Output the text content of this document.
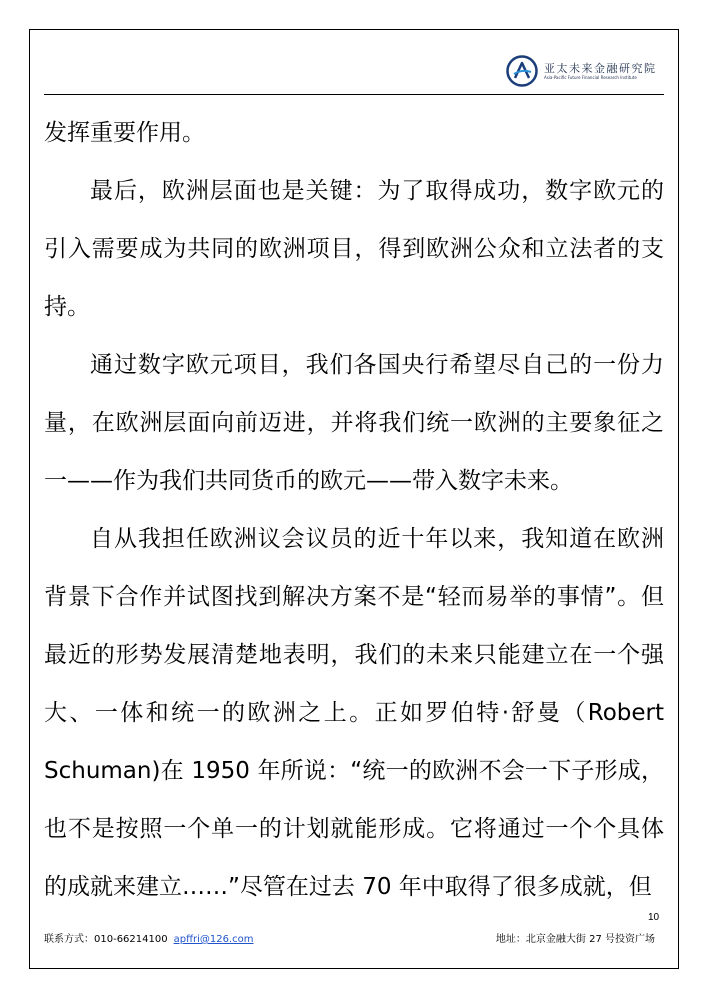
亚太未来金融研究院
Asia-Pacific Future Financial Research Institute

发挥重要作用。

最后，欧洲层面也是关键：为了取得成功，数字欧元的引入需要成为共同的欧洲项目，得到欧洲公众和立法者的支持。

通过数字欧元项目，我们各国央行希望尽自己的一份力量，在欧洲层面向前迈进，并将我们统一欧洲的主要象征之一——作为我们共同货币的欧元——带入数字未来。

自从我担任欧洲议会议员的近十年以来，我知道在欧洲背景下合作并试图找到解决方案不是“轻而易举的事情”。但最近的形势发展清楚地表明，我们的未来只能建立在一个强大、一体和统一的欧洲之上。正如罗伯特·舒曼（Robert Schuman)在 1950 年所说：“统一的欧洲不会一下子形成，也不是按照一个单一的计划就能形成。它将通过一个个具体的成就来建立……”尽管在过去 70 年中取得了很多成就，但

10
联系方式：010-66214100 apffri@126.com	地址：北京金融大街 27 号投资广场
